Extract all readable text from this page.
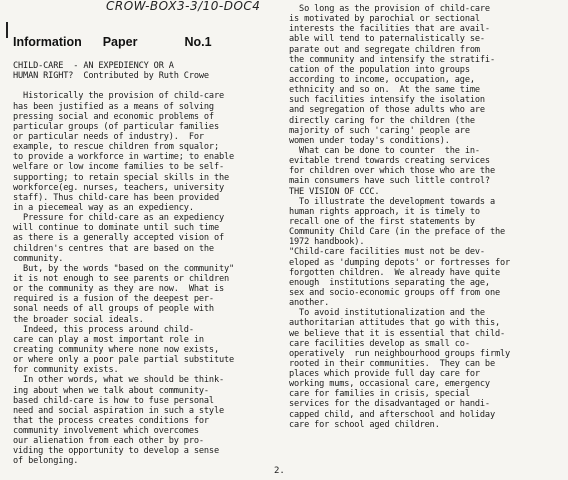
CROW-BOX3-3/10-DOC4
Information Paper	No.1
CHILD-CARE  - AN EXPEDIENCY OR A
HUMAN RIGHT?  Contributed by Ruth Crowe
Historically the provision of child-care
has been justified as a means of solving
pressing social and economic problems of
particular groups (of particular families
or particular needs of industry).  For
example, to rescue children from squalor;
to provide a workforce in wartime; to enable
welfare or low income families to be self-
supporting; to retain special skills in the
workforce(eg. nurses, teachers, university
staff). Thus child-care has been provided
in a piecemeal way as an expediency.
Pressure for child-care as an expediency
will continue to dominate until such time
as there is a generally accepted vision of
children's centres that are based on the
community.
But, by the words "based on the community"
it is not enough to see parents or children
or the community as they are now.  What is
required is a fusion of the deepest per-
sonal needs of all groups of people with
the broader social ideals.
Indeed, this process around child-
care can play a most important role in
creating community where none now exists,
or where only a poor pale partial substitute
for community exists.
In other words, what we should be think-
ing about when we talk about community-
based child-care is how to fuse personal
need and social aspiration in such a style
that the process creates conditions for
community involvement which overcomes
our alienation from each other by pro-
viding the opportunity to develop a sense
of belonging.
So long as the provision of child-care
is motivated by parochial or sectional
interests the facilities that are avail-
able will tend to paternalistically se-
parate out and segregate children from
the community and intensify the stratifi-
cation of the population into groups
according to income, occupation, age,
ethnicity and so on.  At the same time
such facilities intensify the isolation
and segregation of those adults who are
directly caring for the children (the
majority of such 'caring' people are
women under today's conditions).
What can be done to counter  the in-
evitable trend towards creating services
for children over which those who are the
main consumers have such little control?
THE VISION OF CCC.
To illustrate the development towards a
human rights approach, it is timely to
recall one of the first statements by
Community Child Care (in the preface of the
1972 handbook).
"Child-care facilities must not be dev-
eloped as 'dumping depots' or fortresses for
forgotten children.  We already have quite
enough  institutions separating the age,
sex and socio-economic groups off from one
another.
To avoid institutionalization and the
authoritarian attitudes that go with this,
we believe that it is essential that child-
care facilities develop as small co-
operatively  run neighbourhood groups firmly
rooted in their communities.  They can be
places which provide full day care for
working mums, occasional care, emergency
care for families in crisis, special
services for the disadvantaged or handi-
capped child, and afterschool and holiday
care for school aged children.
2.
